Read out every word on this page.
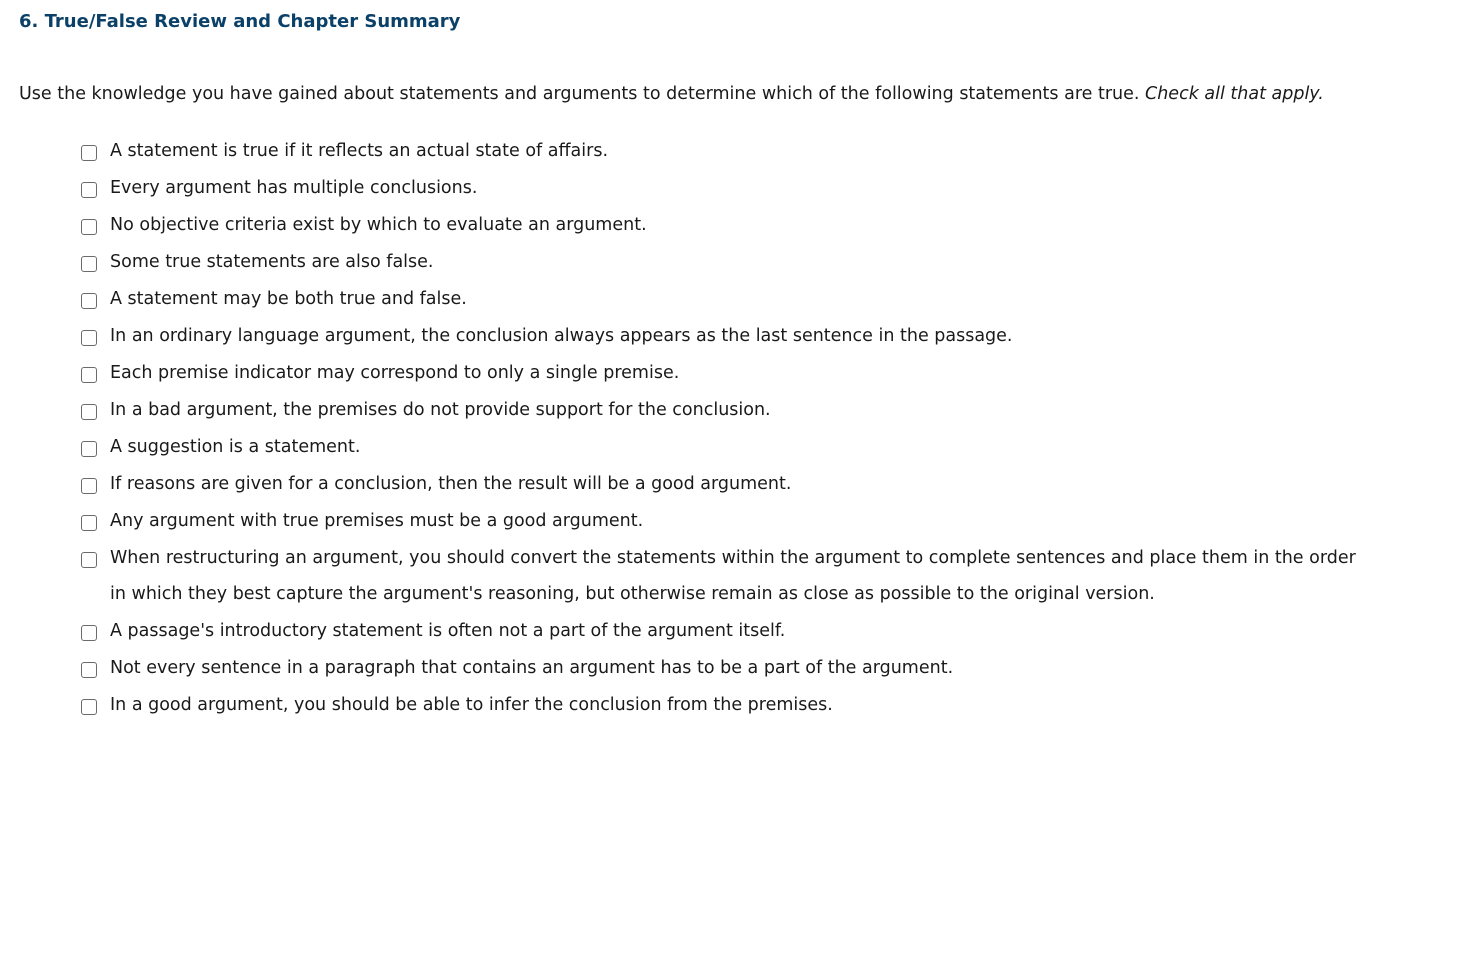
6. True/False Review and Chapter Summary

Use the knowledge you have gained about statements and arguments to determine which of the following statements are true. Check all that apply.

A statement is true if it reflects an actual state of affairs.
Every argument has multiple conclusions.
No objective criteria exist by which to evaluate an argument.
Some true statements are also false.
A statement may be both true and false.
In an ordinary language argument, the conclusion always appears as the last sentence in the passage.
Each premise indicator may correspond to only a single premise.
In a bad argument, the premises do not provide support for the conclusion.
A suggestion is a statement.
If reasons are given for a conclusion, then the result will be a good argument.
Any argument with true premises must be a good argument.
When restructuring an argument, you should convert the statements within the argument to complete sentences and place them in the order in which they best capture the argument's reasoning, but otherwise remain as close as possible to the original version.
A passage's introductory statement is often not a part of the argument itself.
Not every sentence in a paragraph that contains an argument has to be a part of the argument.
In a good argument, you should be able to infer the conclusion from the premises.
